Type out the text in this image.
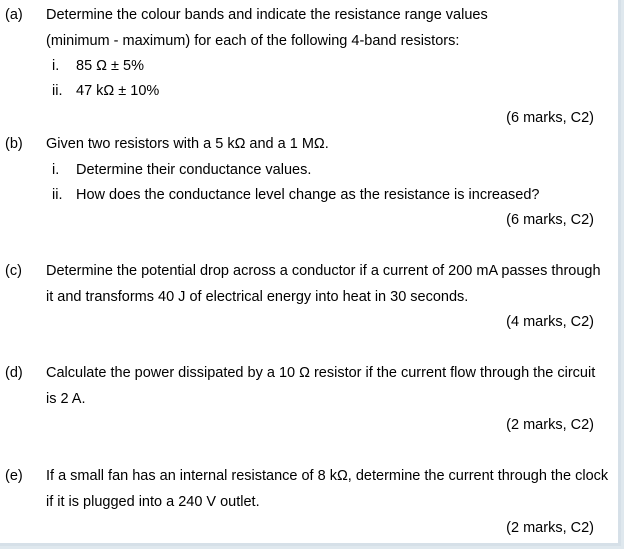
(a) Determine the colour bands and indicate the resistance range values

(minimum - maximum) for each of the following 4-band resistors:

i. 85 Ω ± 5%

ii. 47 kΩ ± 10%

(6 marks, C2)

(b) Given two resistors with a 5 kΩ and a 1 MΩ.

i. Determine their conductance values.

ii. How does the conductance level change as the resistance is increased?

(6 marks, C2)

(c) Determine the potential drop across a conductor if a current of 200 mA passes through

it and transforms 40 J of electrical energy into heat in 30 seconds.

(4 marks, C2)

(d) Calculate the power dissipated by a 10 Ω resistor if the current flow through the circuit

is 2 A.

(2 marks, C2)

(e) If a small fan has an internal resistance of 8 kΩ, determine the current through the clock

if it is plugged into a 240 V outlet.

(2 marks, C2)
